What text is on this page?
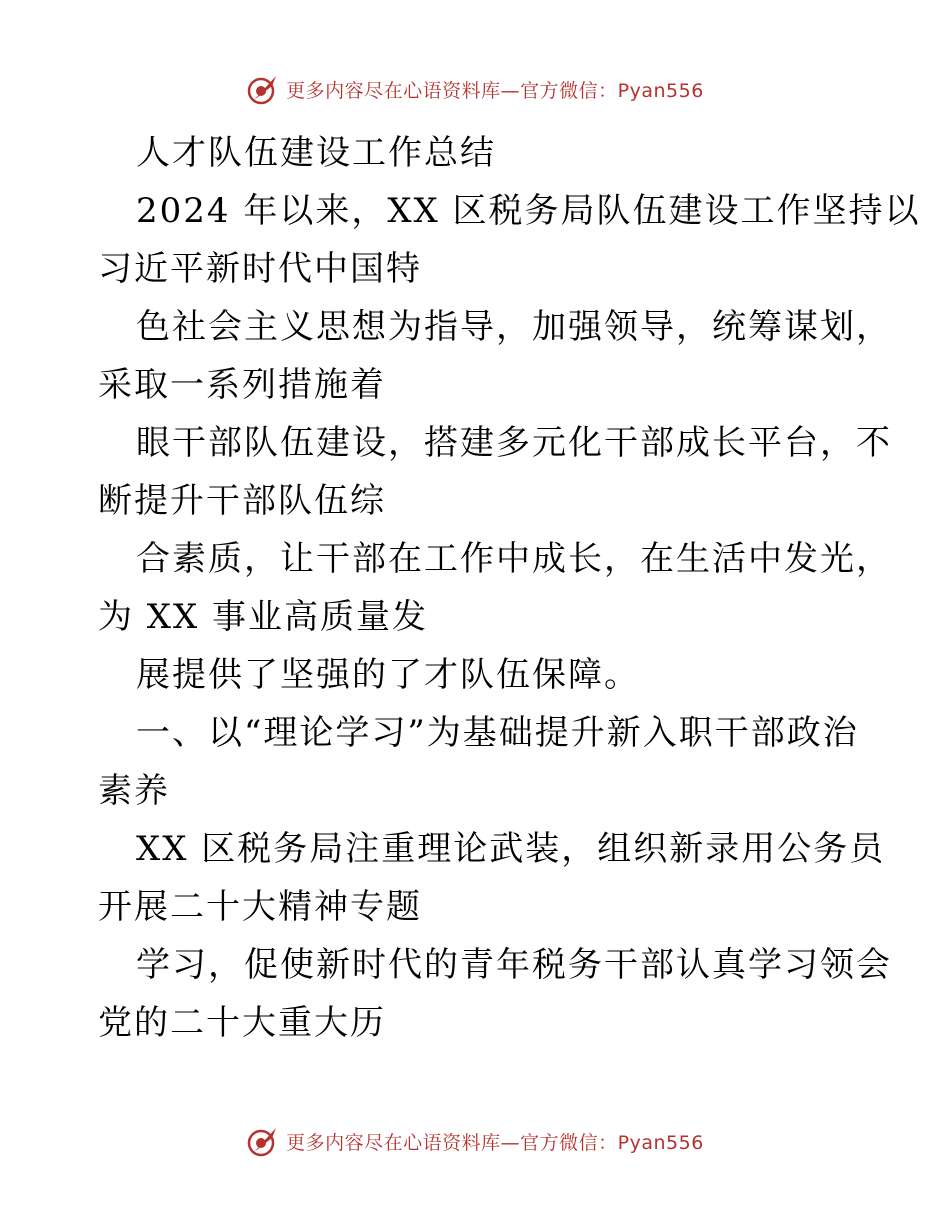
更多内容尽在心语资料库—官方微信：Pyan556
人才队伍建设工作总结
2024 年以来，XX 区税务局队伍建设工作坚持以
习近平新时代中国特
色社会主义思想为指导，加强领导，统筹谋划，
采取一系列措施着
眼干部队伍建设，搭建多元化干部成长平台，不
断提升干部队伍综
合素质，让干部在工作中成长，在生活中发光，
为 XX 事业高质量发
展提供了坚强的了才队伍保障。
一、以“理论学习”为基础提升新入职干部政治
素养
XX 区税务局注重理论武装，组织新录用公务员
开展二十大精神专题
学习，促使新时代的青年税务干部认真学习领会
党的二十大重大历
更多内容尽在心语资料库—官方微信：Pyan556
